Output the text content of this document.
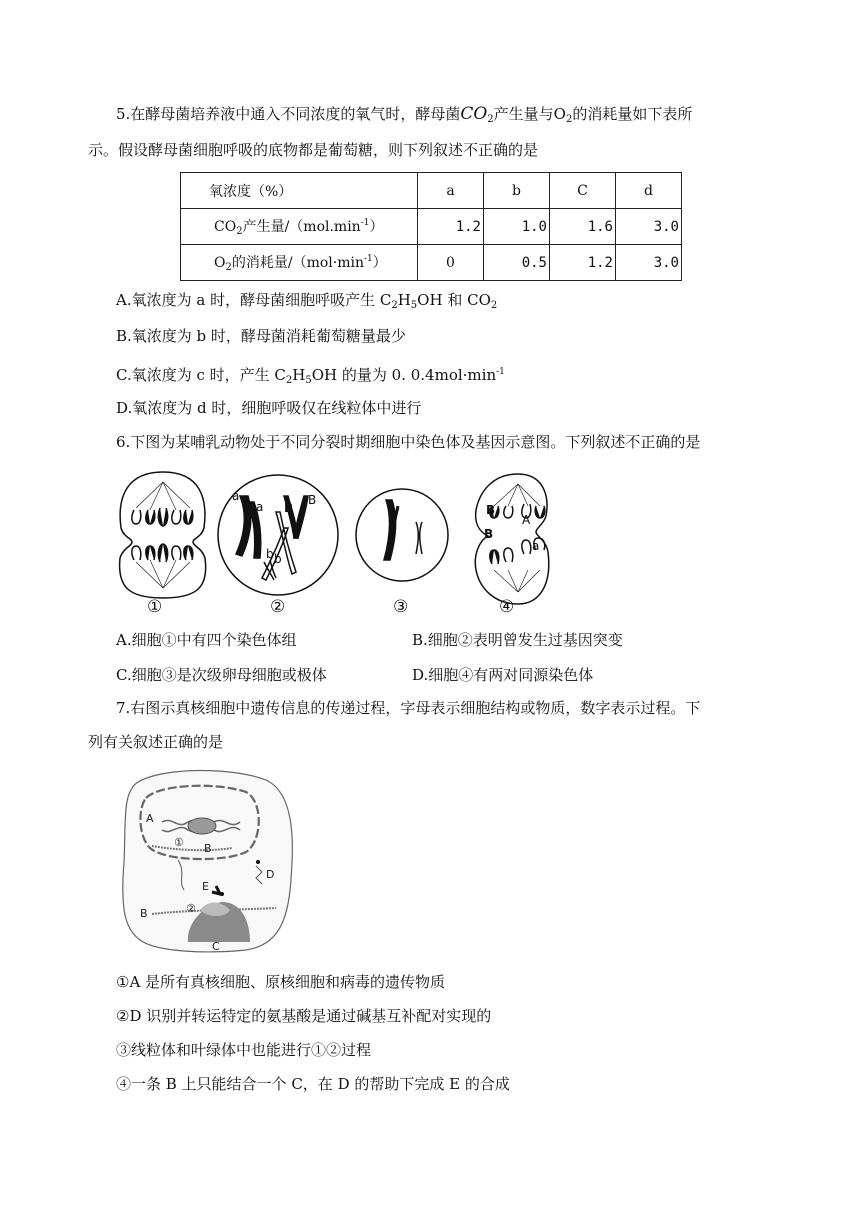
5.在酵母菌培养液中通入不同浓度的氧气时，酵母菌$CO_2$产生量与$O_2$的消耗量如下表所
示。假设酵母菌细胞呼吸的底物都是葡萄糖，则下列叙述不正确的是
氧浓度（%）	a	b	C	d
$CO_2$产生量$/(mol.\min^{-1})$	1.2	1.0	1.6	3.0
$O_2$的消耗量$/(mol\cdot\min^{-1})$	0	0.5	1.2	3.0
A.氧浓度为 a 时，酵母菌细胞呼吸产生 $C_2H_5OH$ 和 $CO_2$
B.氧浓度为 b 时，酵母菌消耗葡萄糖量最少
C.氧浓度为 c 时，产生 $C_2H_5OH$ 的量为 0. $0.4mol\cdot\min^{-1}$
D.氧浓度为 d 时，细胞呼吸仅在线粒体中进行
6.下图为某哺乳动物处于不同分裂时期细胞中染色体及基因示意图。下列叙述不正确的是
a
a B
B
b b
B
A
B
a
①	②	③	④
A.细胞①中有四个染色体组	B.细胞②表明曾发生过基因突变
C.细胞③是次级卵母细胞或极体	D.细胞④有两对同源染色体
7.右图示真核细胞中遗传信息的传递过程，字母表示细胞结构或物质，数字表示过程。下
列有关叙述正确的是
A
B
B
C
D
E
①
②
①A 是所有真核细胞、原核细胞和病毒的遗传物质
②D 识别并转运特定的氨基酸是通过碱基互补配对实现的
③线粒体和叶绿体中也能进行①②过程
④一条 B 上只能结合一个 C，在 D 的帮助下完成 E 的合成
